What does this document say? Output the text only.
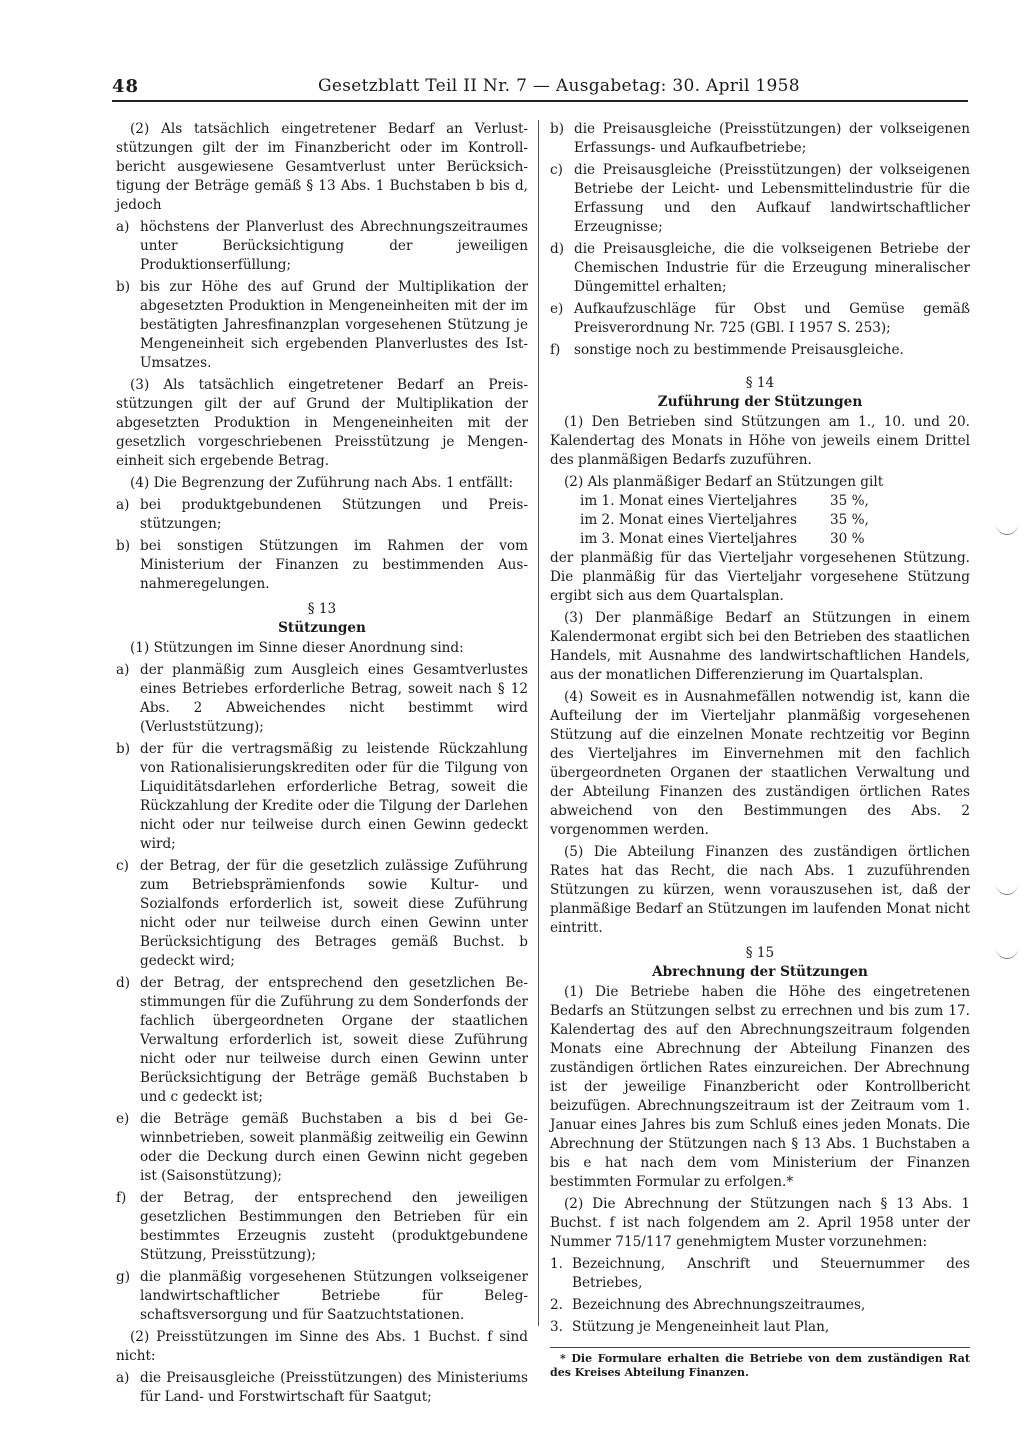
48	Gesetzblatt Teil II Nr. 7 — Ausgabetag: 30. April 1958

(2) Als tatsächlich eingetretener Bedarf an Verluststützungen gilt der im Finanzbericht oder im Kontrollbericht ausgewiesene Gesamtverlust unter Berücksichtigung der Beträge gemäß § 13 Abs. 1 Buchstaben b bis d, jedoch

a) höchstens der Planverlust des Abrechnungszeitraumes unter Berücksichtigung der jeweiligen Produktionserfüllung;
b) bis zur Höhe des auf Grund der Multiplikation der abgesetzten Produktion in Mengeneinheiten mit der im bestätigten Jahresfinanzplan vorgesehenen Stützung je Mengeneinheit sich ergebenden Planverlustes des Ist-Umsatzes.

(3) Als tatsächlich eingetretener Bedarf an Preisstützungen gilt der auf Grund der Multiplikation der abgesetzten Produktion in Mengeneinheiten mit der gesetzlich vorgeschriebenen Preisstützung je Mengeneinheit sich ergebende Betrag.

(4) Die Begrenzung der Zuführung nach Abs. 1 entfällt:

a) bei produktgebundenen Stützungen und Preisstützungen;
b) bei sonstigen Stützungen im Rahmen der vom Ministerium der Finanzen zu bestimmenden Ausnahmeregelungen.
§ 13
Stützungen

(1) Stützungen im Sinne dieser Anordnung sind:

a) der planmäßig zum Ausgleich eines Gesamtverlustes eines Betriebes erforderliche Betrag, soweit nach § 12 Abs. 2 Abweichendes nicht bestimmt wird (Verluststützung);
b) der für die vertragsmäßig zu leistende Rückzahlung von Rationalisierungskrediten oder für die Tilgung von Liquiditätsdarlehen erforderliche Betrag, soweit die Rückzahlung der Kredite oder die Tilgung der Darlehen nicht oder nur teilweise durch einen Gewinn gedeckt wird;
c) der Betrag, der für die gesetzlich zulässige Zuführung zum Betriebsprämienfonds sowie Kultur- und Sozialfonds erforderlich ist, soweit diese Zuführung nicht oder nur teilweise durch einen Gewinn unter Berücksichtigung des Betrages gemäß Buchst. b gedeckt wird;
d) der Betrag, der entsprechend den gesetzlichen Bestimmungen für die Zuführung zu dem Sonderfonds der fachlich übergeordneten Organe der staatlichen Verwaltung erforderlich ist, soweit diese Zuführung nicht oder nur teilweise durch einen Gewinn unter Berücksichtigung der Beträge gemäß Buchstaben b und c gedeckt ist;
e) die Beträge gemäß Buchstaben a bis d bei Gewinnbetrieben, soweit planmäßig zeitweilig ein Gewinn oder die Deckung durch einen Gewinn nicht gegeben ist (Saisonstützung);
f)	der Betrag, der entsprechend den jeweiligen gesetzlichen Bestimmungen den Betrieben für ein bestimmtes Erzeugnis zusteht (produktgebundene Stützung, Preisstützung);
g) die planmäßig vorgesehenen Stützungen volkseigener landwirtschaftlicher Betriebe für Belegschaftsversorgung und für Saatzuchtstationen.

(2) Preisstützungen im Sinne des Abs. 1 Buchst. f sind nicht:

a) die Preisausgleiche (Preisstützungen) des Ministeriums für Land- und Forstwirtschaft für Saatgut;
b) die Preisausgleiche (Preisstützungen) der volkseigenen Erfassungs- und Aufkaufbetriebe;
c) die Preisausgleiche (Preisstützungen) der volkseigenen Betriebe der Leicht- und Lebensmittelindustrie für die Erfassung und den Aufkauf landwirtschaftlicher Erzeugnisse;
d) die Preisausgleiche, die die volkseigenen Betriebe der Chemischen Industrie für die Erzeugung mineralischer Düngemittel erhalten;
e) Aufkaufzuschläge für Obst und Gemüse gemäß Preisverordnung Nr. 725 (GBl. I 1957 S. 253);
f)	sonstige noch zu bestimmende Preisausgleiche.
§ 14
Zuführung der Stützungen

(1) Den Betrieben sind Stützungen am 1., 10. und 20. Kalendertag des Monats in Höhe von jeweils einem Drittel des planmäßigen Bedarfs zuzuführen.

(2) Als planmäßiger Bedarf an Stützungen gilt

im 1. Monat eines Vierteljahres	35 %,
im 2. Monat eines Vierteljahres	35 %,
im 3. Monat eines Vierteljahres	30 %

der planmäßig für das Vierteljahr vorgesehenen Stützung. Die planmäßig für das Vierteljahr vorgesehene Stützung ergibt sich aus dem Quartalsplan.

(3) Der planmäßige Bedarf an Stützungen in einem Kalendermonat ergibt sich bei den Betrieben des staatlichen Handels, mit Ausnahme des landwirtschaftlichen Handels, aus der monatlichen Differenzierung im Quartalsplan.

(4) Soweit es in Ausnahmefällen notwendig ist, kann die Aufteilung der im Vierteljahr planmäßig vorgesehenen Stützung auf die einzelnen Monate rechtzeitig vor Beginn des Vierteljahres im Einvernehmen mit den fachlich übergeordneten Organen der staatlichen Verwaltung und der Abteilung Finanzen des zuständigen örtlichen Rates abweichend von den Bestimmungen des Abs. 2 vorgenommen werden.

(5) Die Abteilung Finanzen des zuständigen örtlichen Rates hat das Recht, die nach Abs. 1 zuzuführenden Stützungen zu kürzen, wenn vorauszusehen ist, daß der planmäßige Bedarf an Stützungen im laufenden Monat nicht eintritt.

§ 15
Abrechnung der Stützungen

(1) Die Betriebe haben die Höhe des eingetretenen Bedarfs an Stützungen selbst zu errechnen und bis zum 17. Kalendertag des auf den Abrechnungszeitraum folgenden Monats eine Abrechnung der Abteilung Finanzen des zuständigen örtlichen Rates einzureichen. Der Abrechnung ist der jeweilige Finanzbericht oder Kontrollbericht beizufügen. Abrechnungszeitraum ist der Zeitraum vom 1. Januar eines Jahres bis zum Schluß eines jeden Monats. Die Abrechnung der Stützungen nach § 13 Abs. 1 Buchstaben a bis e hat nach dem vom Ministerium der Finanzen bestimmten Formular zu erfolgen.*

(2) Die Abrechnung der Stützungen nach § 13 Abs. 1 Buchst. f ist nach folgendem am 2. April 1958 unter der Nummer 715/117 genehmigtem Muster vorzunehmen:

1. Bezeichnung, Anschrift und Steuernummer des Betriebes,
2. Bezeichnung des Abrechnungszeitraumes,
3. Stützung je Mengeneinheit laut Plan,

* Die Formulare erhalten die Betriebe von dem zuständigen Rat des Kreises Abteilung Finanzen.
